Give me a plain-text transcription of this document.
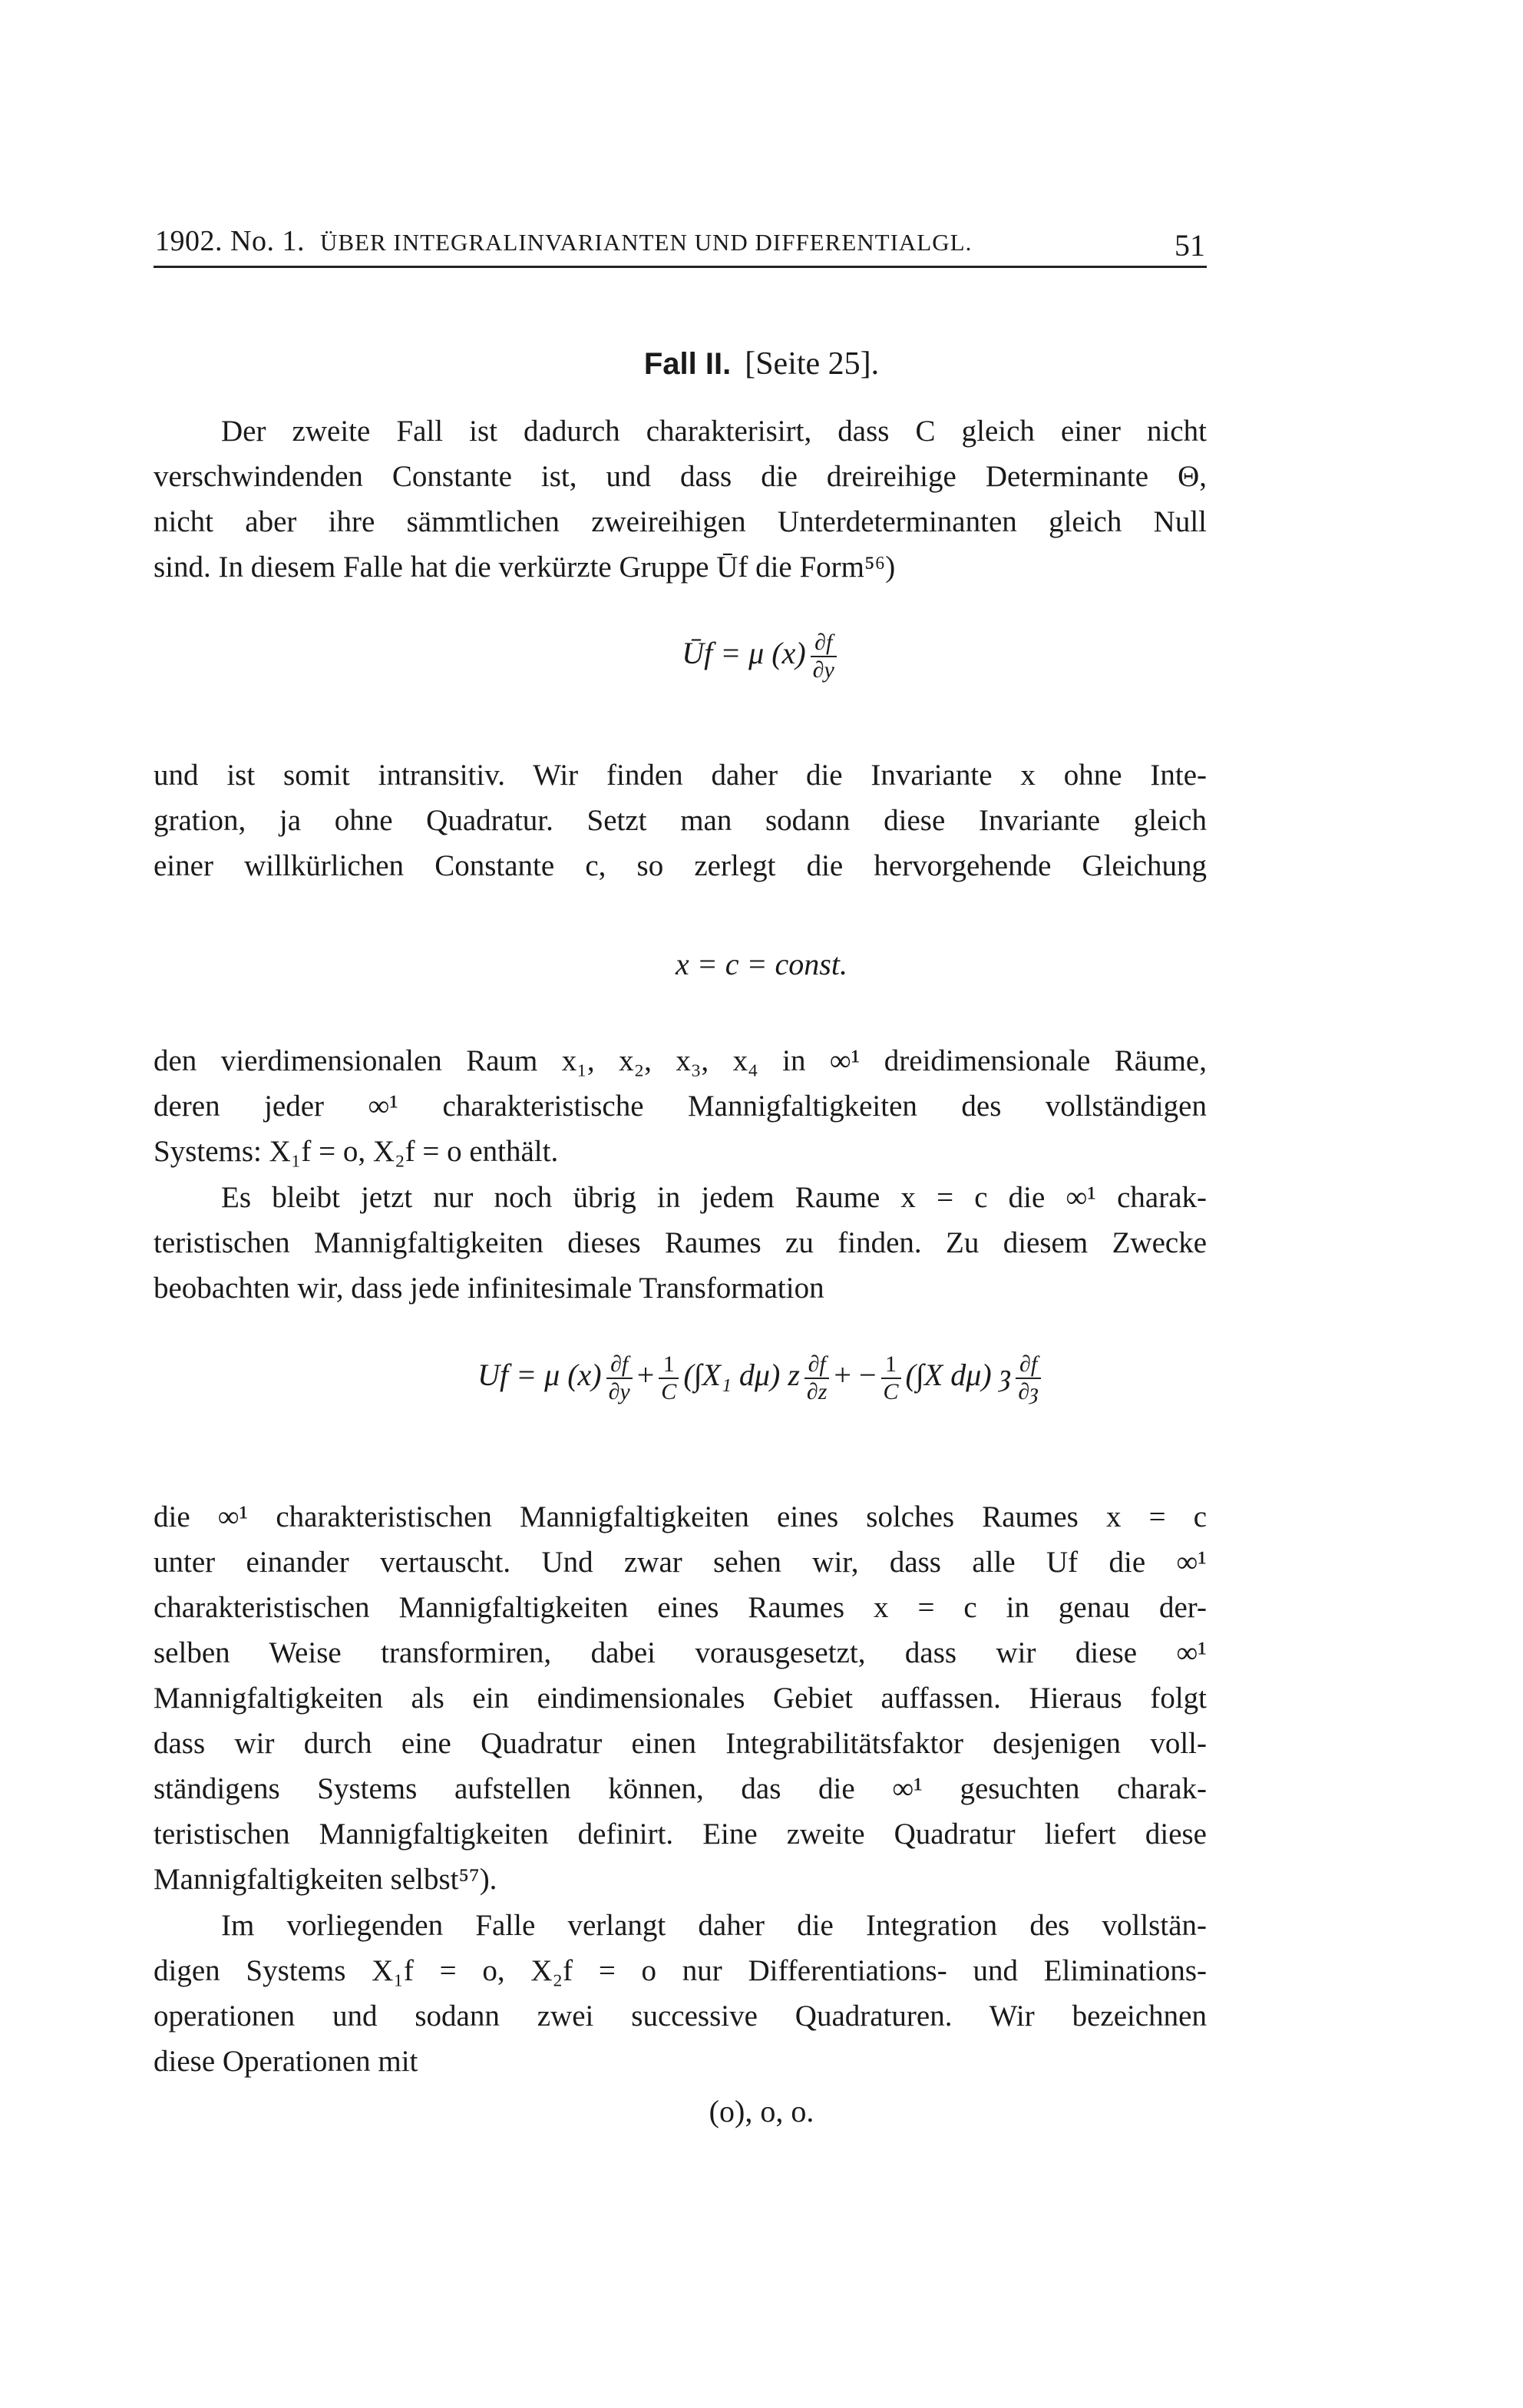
1902. No. 1. ÜBER INTEGRALINVARIANTEN UND DIFFERENTIALGL.	51
Fall II. [Seite 25].
Der zweite Fall ist dadurch charakterisirt, dass C gleich einer nicht
verschwindenden Constante ist, und dass die dreireihige Determinante Θ,
nicht aber ihre sämmtlichen zweireihigen Unterdeterminanten gleich Null
sind. In diesem Falle hat die verkürzte Gruppe Ūf die Form⁵⁶)
Ūf = μ $(x) \frac{\partial f}{\partial y}$
und ist somit intransitiv. Wir finden daher die Invariante x ohne Inte-
gration, ja ohne Quadratur. Setzt man sodann diese Invariante gleich
einer willkürlichen Constante c, so zerlegt die hervorgehende Gleichung
x = c = const.
den vierdimensionalen Raum x₁, x₂, x₃, x₄ in ∞¹ dreidimensionale Räume,
deren jeder ∞¹ charakteristische Mannigfaltigkeiten des vollständigen
Systems: X₁f = o, X₂f = o enthält.
Es bleibt jetzt nur noch übrig in jedem Raume x = c die ∞¹ charak-
teristischen Mannigfaltigkeiten dieses Raumes zu finden. Zu diesem Zwecke
beobachten wir, dass jede infinitesimale Transformation
Uf = μ $(x) \frac{\partial f}{\partial y} + \frac{1}{C} (\int X_1$ dμ) z $\frac{\partial f}{\partial z}$ + − $\frac{1}{C} (\int X$ dμ) ȝ $\frac{\partial f}{\partial ȝ}$
die ∞¹ charakteristischen Mannigfaltigkeiten eines solches Raumes x = c
unter einander vertauscht. Und zwar sehen wir, dass alle Uf die ∞¹
charakteristischen Mannigfaltigkeiten eines Raumes x = c in genau der-
selben Weise transformiren, dabei vorausgesetzt, dass wir diese ∞¹
Mannigfaltigkeiten als ein eindimensionales Gebiet auffassen. Hieraus folgt
dass wir durch eine Quadratur einen Integrabilitätsfaktor desjenigen voll-
ständigens Systems aufstellen können, das die ∞¹ gesuchten charak-
teristischen Mannigfaltigkeiten definirt. Eine zweite Quadratur liefert diese
Mannigfaltigkeiten selbst⁵⁷).
Im vorliegenden Falle verlangt daher die Integration des vollstän-
digen Systems X₁f = o, X₂f = o nur Differentiations- und Eliminations-
operationen und sodann zwei successive Quadraturen. Wir bezeichnen
diese Operationen mit
(o), o, o.
